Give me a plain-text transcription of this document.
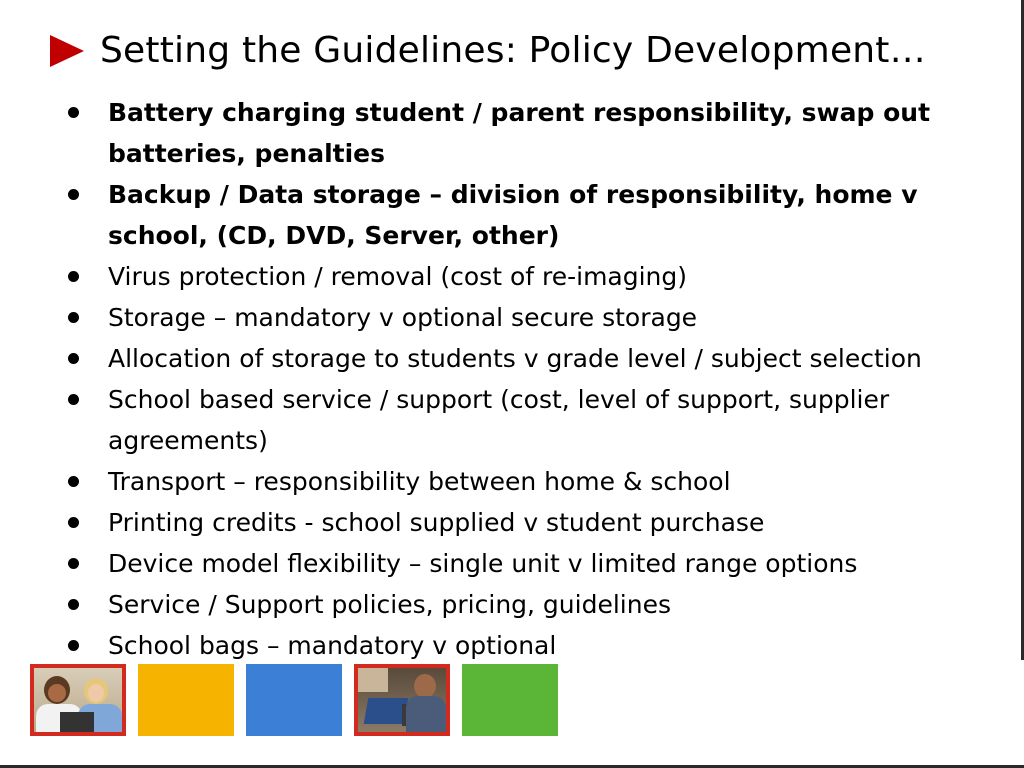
Setting the Guidelines: Policy Development…
Battery charging student / parent responsibility, swap out batteries, penalties
Backup / Data storage – division of responsibility, home v school, (CD, DVD, Server, other)
Virus protection / removal (cost of re-imaging)
Storage – mandatory v optional secure storage
Allocation of storage to students v grade level / subject selection
School based service / support (cost, level of support, supplier agreements)
Transport – responsibility between home & school
Printing credits - school supplied v student purchase
Device model flexibility – single unit v limited range options
Service / Support policies, pricing, guidelines
School bags – mandatory v optional
